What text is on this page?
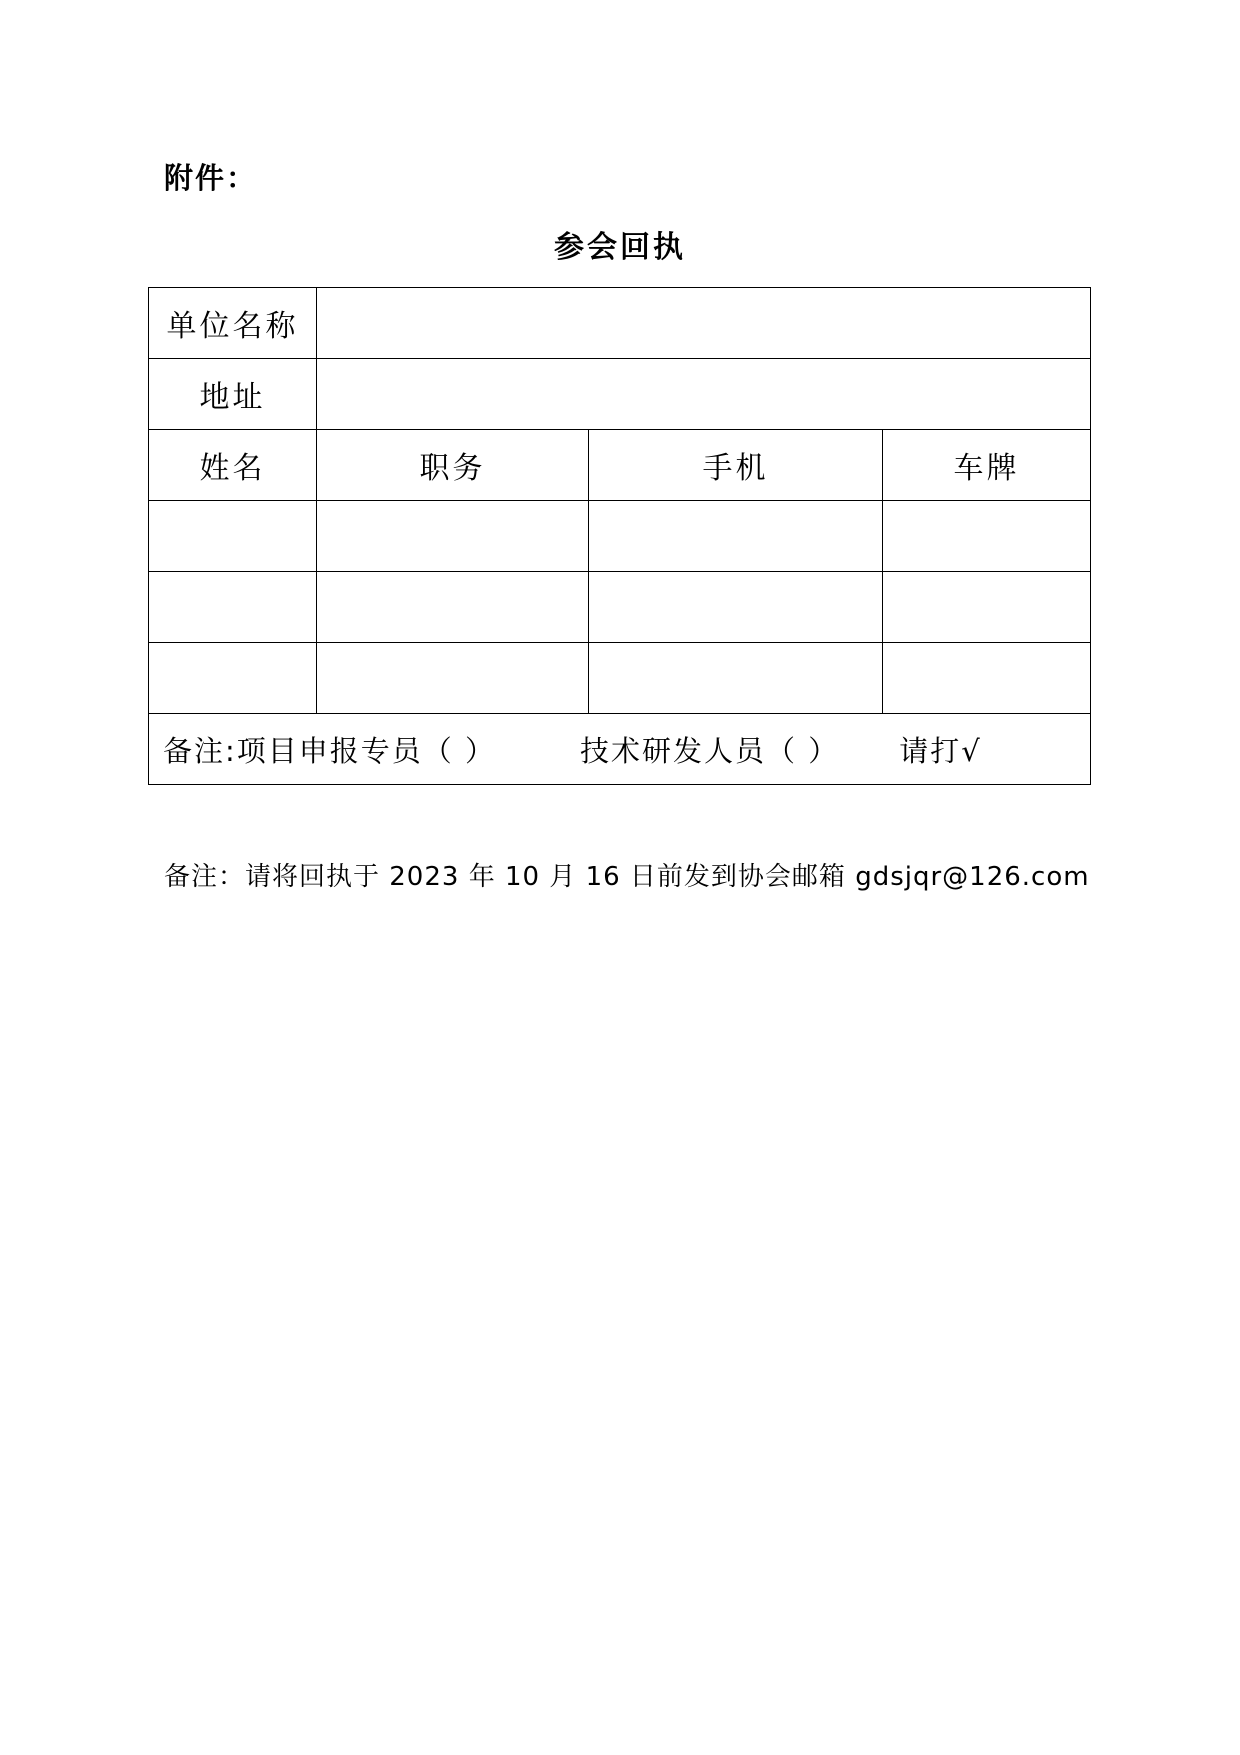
附件：
参会回执
单位名称			
地址			
姓名	职务	手机	车牌

备注:项目申报专员（ ） 技术研发人员（ ） 请打√			
备注：请将回执于 2023 年 10 月 16 日前发到协会邮箱 gdsjqr@126.com
